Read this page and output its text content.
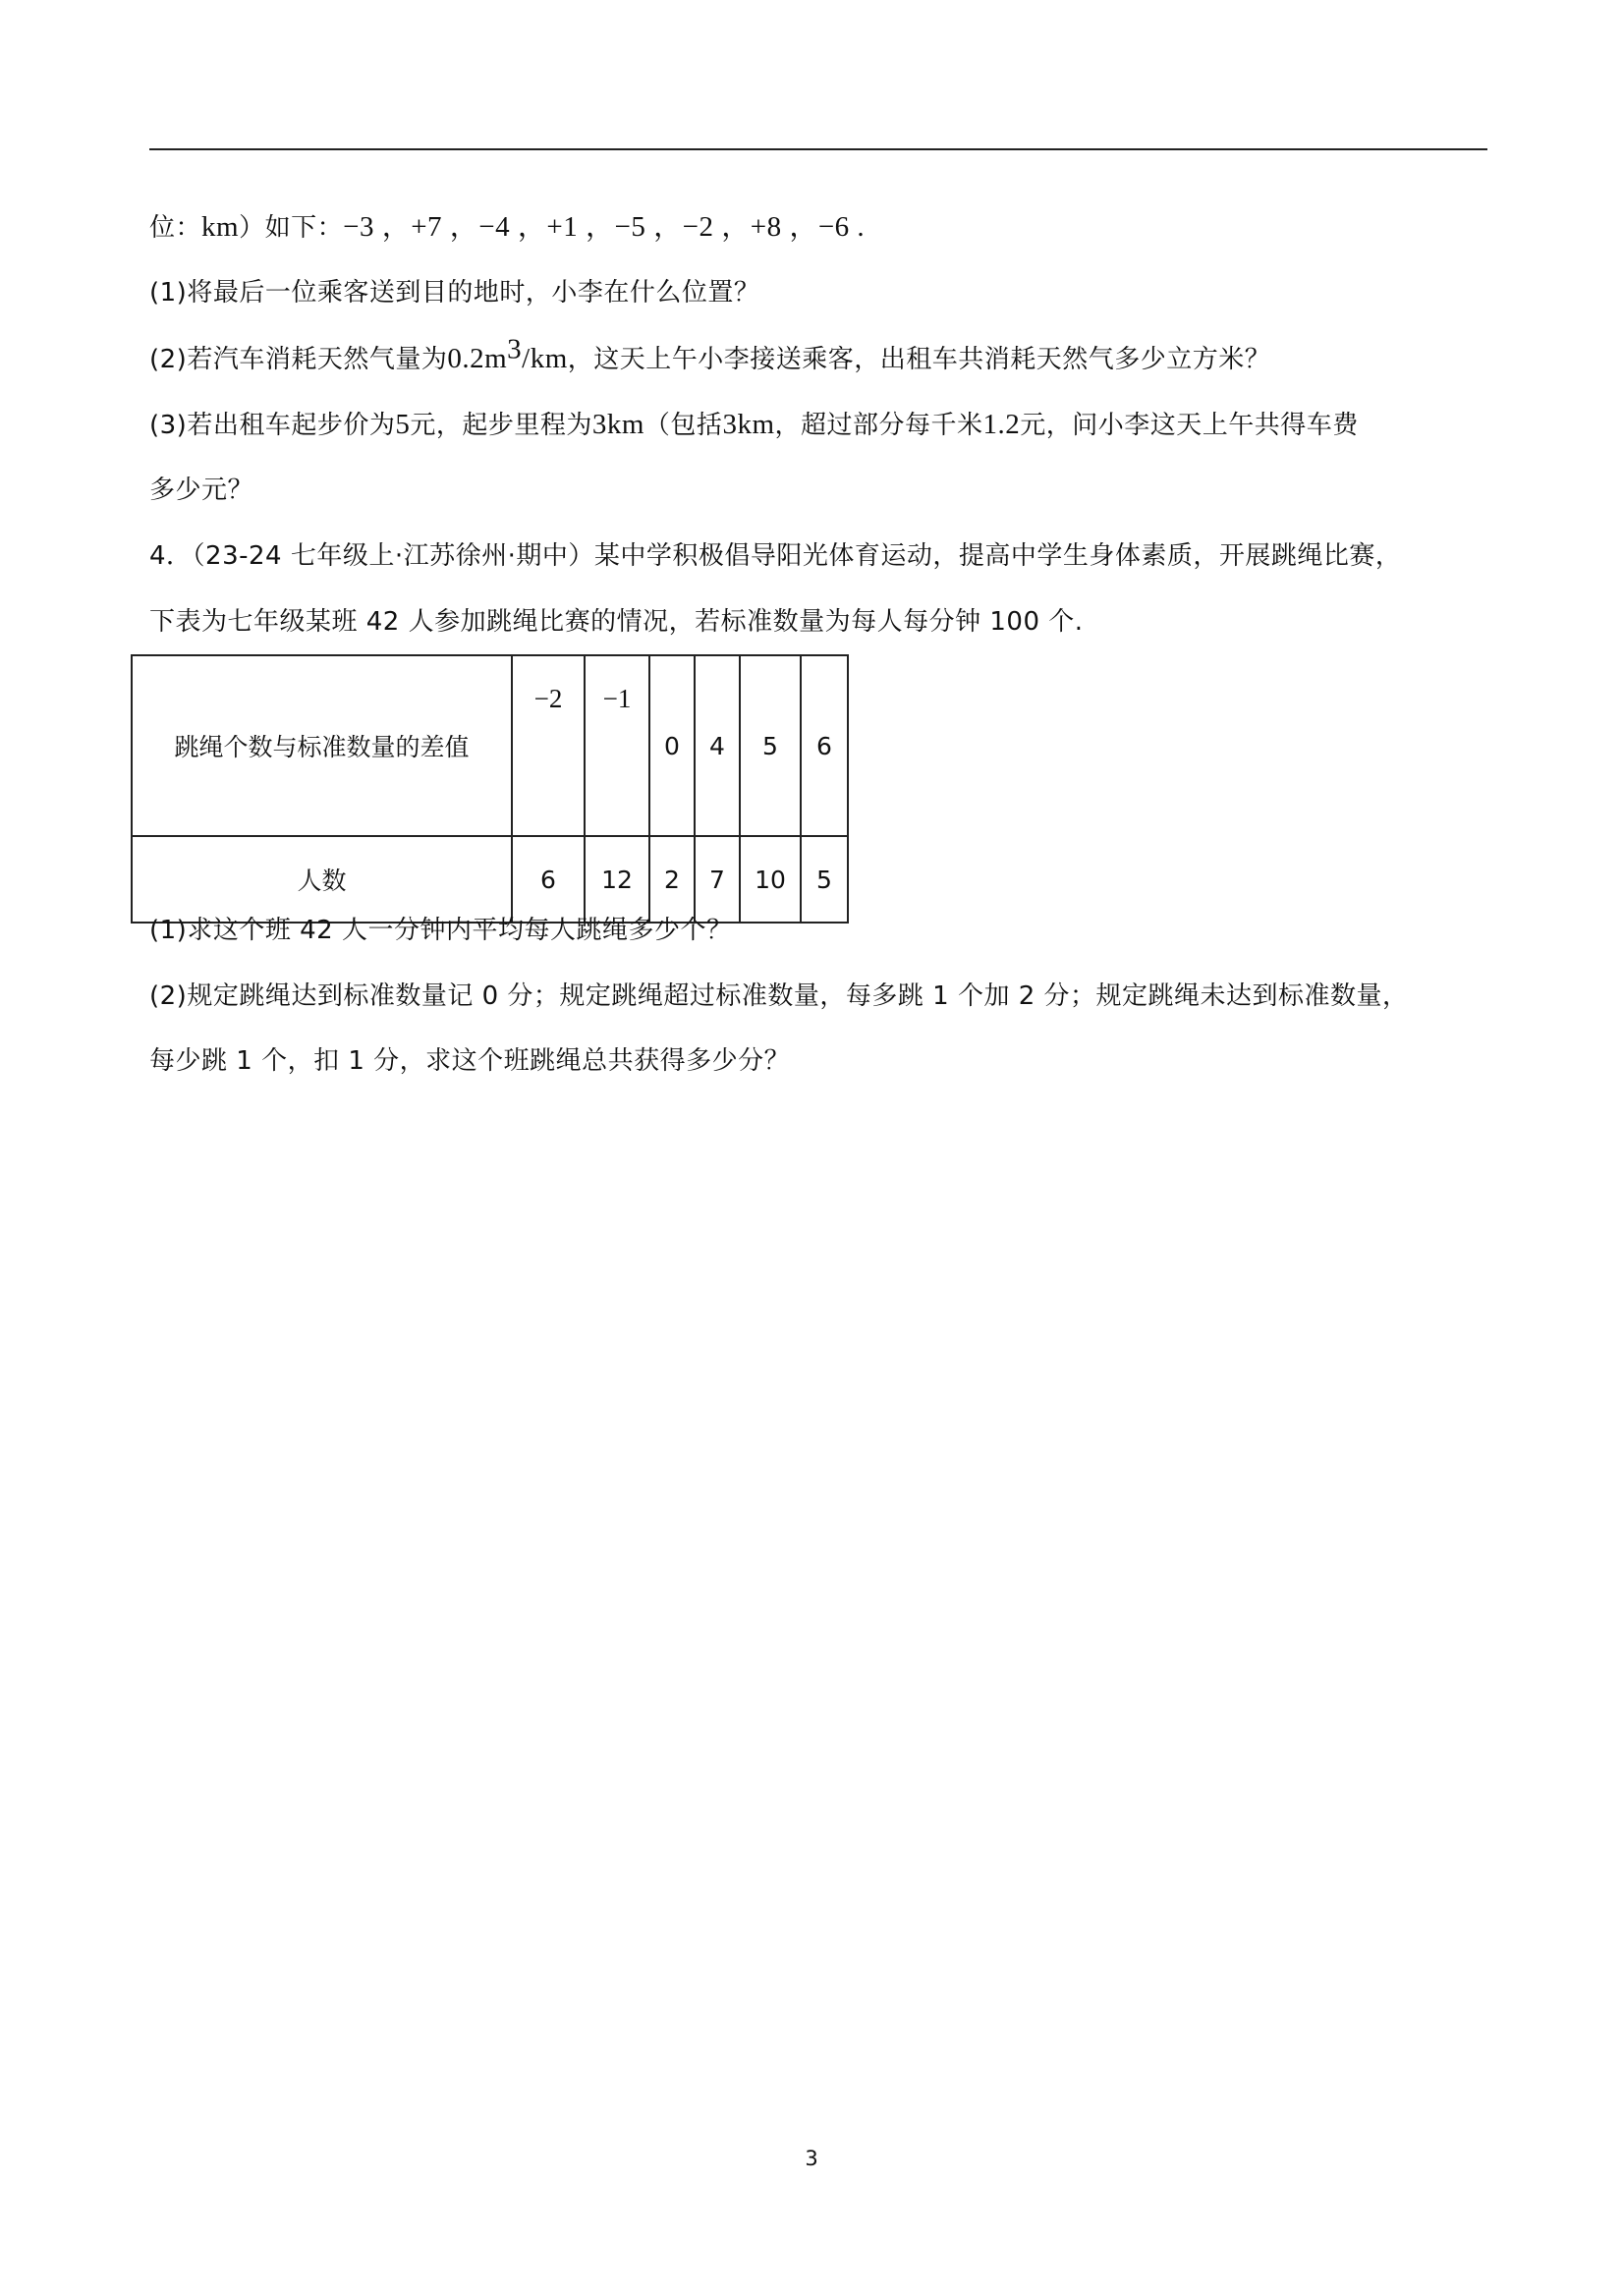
位：km）如下：−3 ，+7 ，−4 ，+1 ，−5 ，−2 ，+8 ，−6 .
(1)将最后一位乘客送到目的地时，小李在什么位置？
(2)若汽车消耗天然气量为$0.2m^3/km$，这天上午小李接送乘客，出租车共消耗天然气多少立方米？
(3)若出租车起步价为5元，起步里程为3km（包括3km，超过部分每千米1.2元，问小李这天上午共得车费
多少元？
4．（23-24 七年级上·江苏徐州·期中）某中学积极倡导阳光体育运动，提高中学生身体素质，开展跳绳比赛，
下表为七年级某班 42 人参加跳绳比赛的情况，若标准数量为每人每分钟 100 个.
跳绳个数与标准数量的差值	−2	−1	0	4	5	6
人数	6	12	2	7	10	5
(1)求这个班 42 人一分钟内平均每人跳绳多少个？
(2)规定跳绳达到标准数量记 0 分；规定跳绳超过标准数量，每多跳 1 个加 2 分；规定跳绳未达到标准数量，
每少跳 1 个，扣 1 分，求这个班跳绳总共获得多少分？
3
